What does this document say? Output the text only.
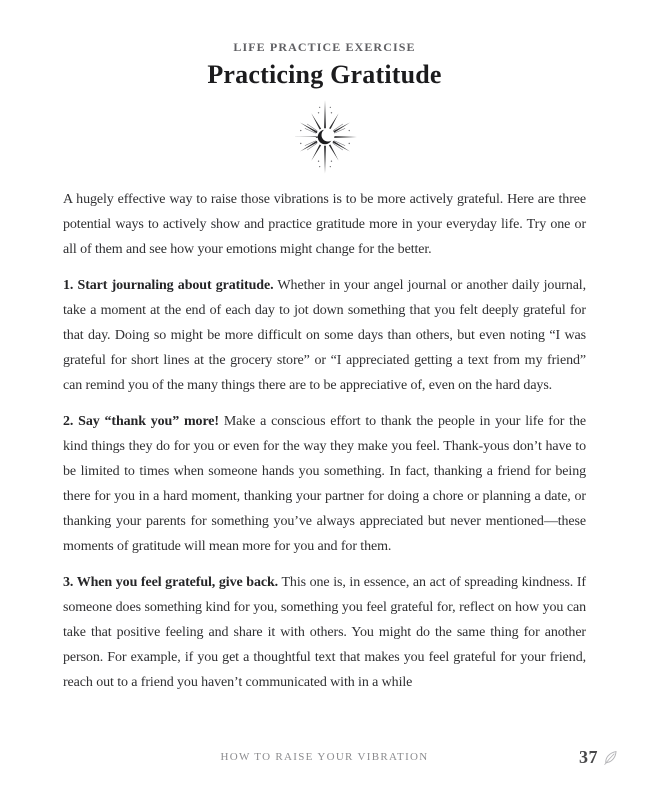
LIFE PRACTICE EXERCISE
Practicing Gratitude

A hugely effective way to raise those vibrations is to be more actively grateful. Here are three potential ways to actively show and practice gratitude more in your everyday life. Try one or all of them and see how your emotions might change for the better.

1. Start journaling about gratitude. Whether in your angel journal or another daily journal, take a moment at the end of each day to jot down something that you felt deeply grateful for that day. Doing so might be more difficult on some days than others, but even noting “I was grateful for short lines at the grocery store” or “I appreciated getting a text from my friend” can remind you of the many things there are to be appreciative of, even on the hard days.

2. Say “thank you” more! Make a conscious effort to thank the people in your life for the kind things they do for you or even for the way they make you feel. Thank-yous don’t have to be limited to times when someone hands you something. In fact, thanking a friend for being there for you in a hard moment, thanking your partner for doing a chore or planning a date, or thanking your parents for something you’ve always appreciated but never mentioned—these moments of gratitude will mean more for you and for them.

3. When you feel grateful, give back. This one is, in essence, an act of spreading kindness. If someone does something kind for you, something you feel grateful for, reflect on how you can take that positive feeling and share it with others. You might do the same thing for another person. For example, if you get a thoughtful text that makes you feel grateful for your friend, reach out to a friend you haven’t communicated with in a while

HOW TO RAISE YOUR VIBRATION	37
